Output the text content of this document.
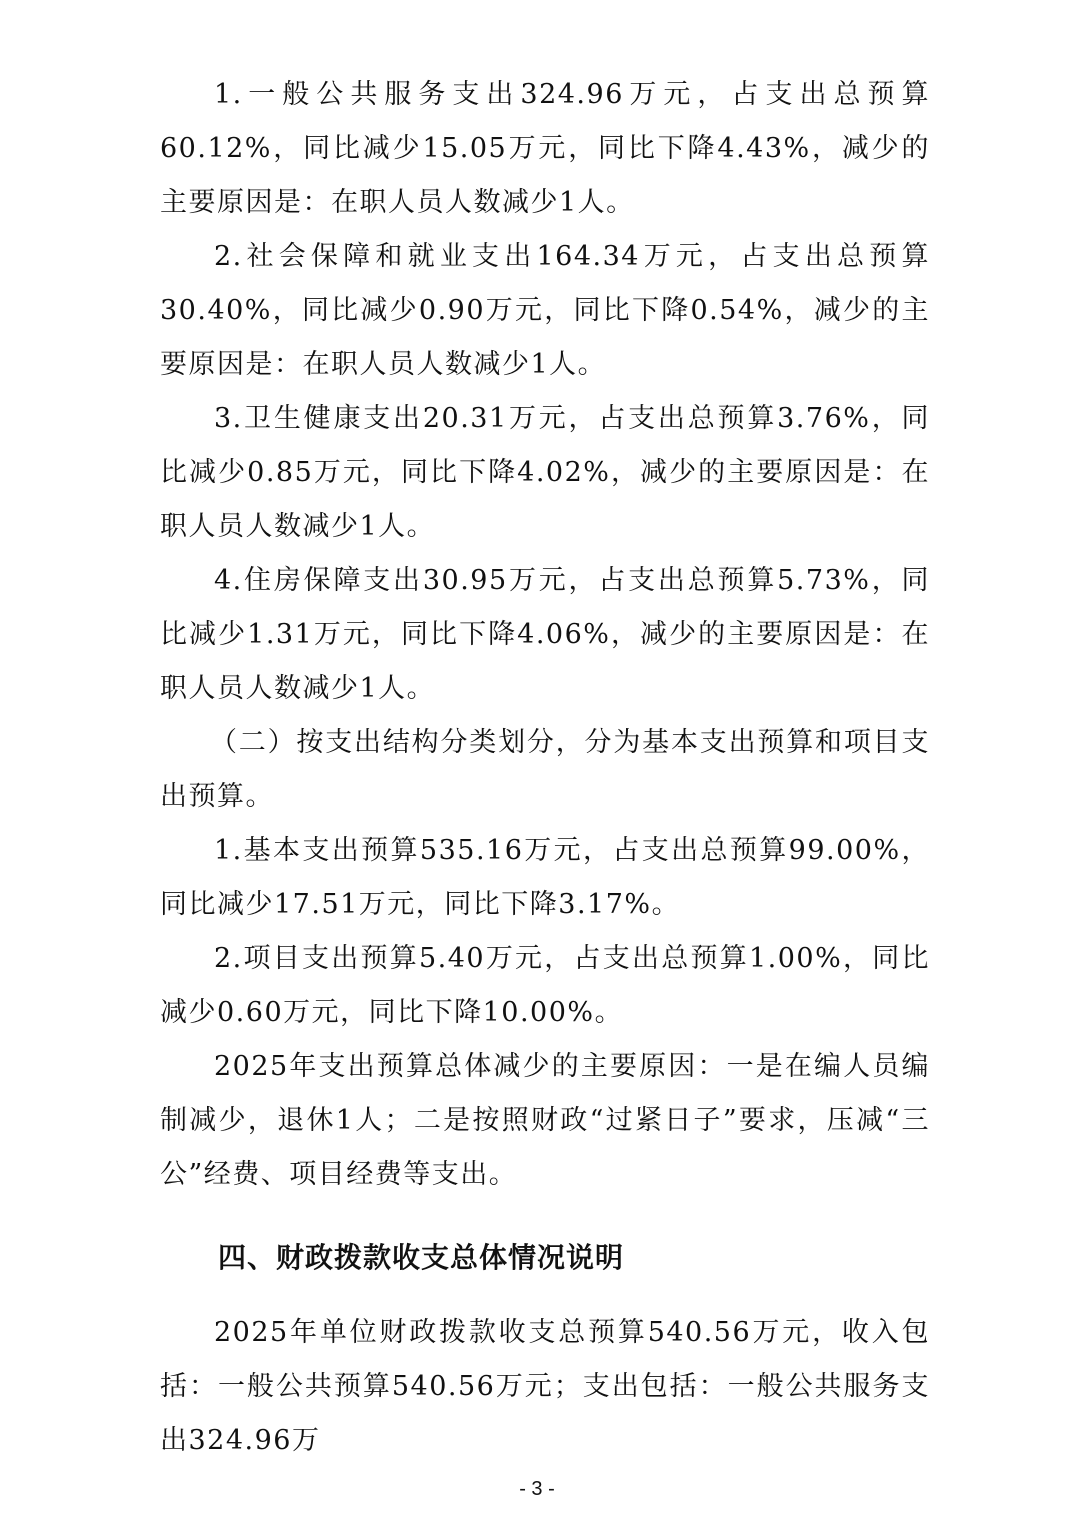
1.一般公共服务支出324.96万元，占支出总预算60.12%，同比减少15.05万元，同比下降4.43%，减少的主要原因是：在职人员人数减少1人。

2.社会保障和就业支出164.34万元，占支出总预算30.40%，同比减少0.90万元，同比下降0.54%，减少的主要原因是：在职人员人数减少1人。

3.卫生健康支出20.31万元，占支出总预算3.76%，同比减少0.85万元，同比下降4.02%，减少的主要原因是：在职人员人数减少1人。

4.住房保障支出30.95万元，占支出总预算5.73%，同比减少1.31万元，同比下降4.06%，减少的主要原因是：在职人员人数减少1人。

（二）按支出结构分类划分，分为基本支出预算和项目支出预算。

1.基本支出预算535.16万元，占支出总预算99.00%，同比减少17.51万元，同比下降3.17%。

2.项目支出预算5.40万元，占支出总预算1.00%，同比减少0.60万元，同比下降10.00%。

2025年支出预算总体减少的主要原因：一是在编人员编制减少，退休1人；二是按照财政“过紧日子”要求，压减“三公”经费、项目经费等支出。

四、财政拨款收支总体情况说明

2025年单位财政拨款收支总预算540.56万元，收入包括：一般公共预算540.56万元；支出包括：一般公共服务支出324.96万

- 3 -
